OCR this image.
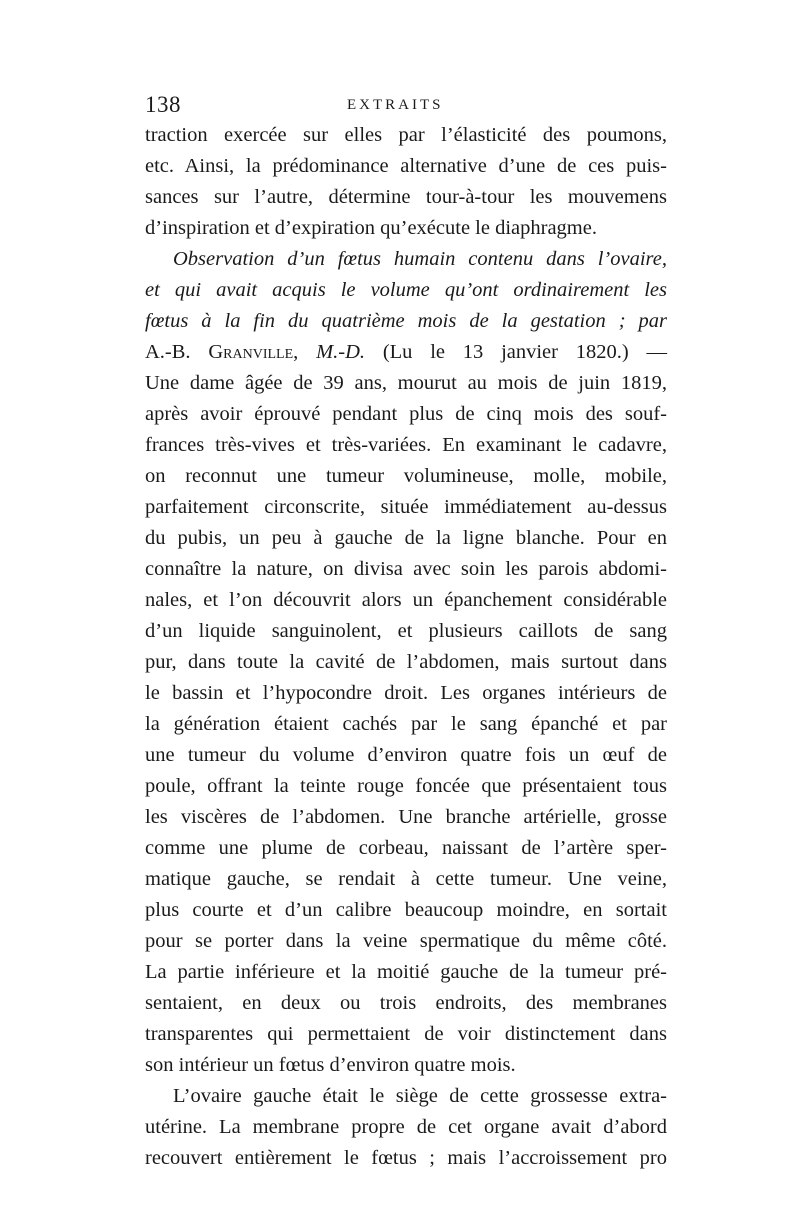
138	EXTRAITS
traction exercée sur elles par l’élasticité des poumons,
etc. Ainsi, la prédominance alternative d’une de ces puis-
sances sur l’autre, détermine tour-à-tour les mouvemens
d’inspiration et d’expiration qu’exécute le diaphragme.
Observation d’un fœtus humain contenu dans l’ovaire,
et qui avait acquis le volume qu’ont ordinairement les
fœtus à la fin du quatrième mois de la gestation ; par
A.-B. Granville, M.-D. (Lu le 13 janvier 1820.) —
Une dame âgée de 39 ans, mourut au mois de juin 1819,
après avoir éprouvé pendant plus de cinq mois des souf-
frances très-vives et très-variées. En examinant le cadavre,
on reconnut une tumeur volumineuse, molle, mobile,
parfaitement circonscrite, située immédiatement au-dessus
du pubis, un peu à gauche de la ligne blanche. Pour en
connaître la nature, on divisa avec soin les parois abdomi-
nales, et l’on découvrit alors un épanchement considérable
d’un liquide sanguinolent, et plusieurs caillots de sang
pur, dans toute la cavité de l’abdomen, mais surtout dans
le bassin et l’hypocondre droit. Les organes intérieurs de
la génération étaient cachés par le sang épanché et par
une tumeur du volume d’environ quatre fois un œuf de
poule, offrant la teinte rouge foncée que présentaient tous
les viscères de l’abdomen. Une branche artérielle, grosse
comme une plume de corbeau, naissant de l’artère sper-
matique gauche, se rendait à cette tumeur. Une veine,
plus courte et d’un calibre beaucoup moindre, en sortait
pour se porter dans la veine spermatique du même côté.
La partie inférieure et la moitié gauche de la tumeur pré-
sentaient, en deux ou trois endroits, des membranes
transparentes qui permettaient de voir distinctement dans
son intérieur un fœtus d’environ quatre mois.
L’ovaire gauche était le siège de cette grossesse extra-
utérine. La membrane propre de cet organe avait d’abord
recouvert entièrement le fœtus ; mais l’accroissement pro
